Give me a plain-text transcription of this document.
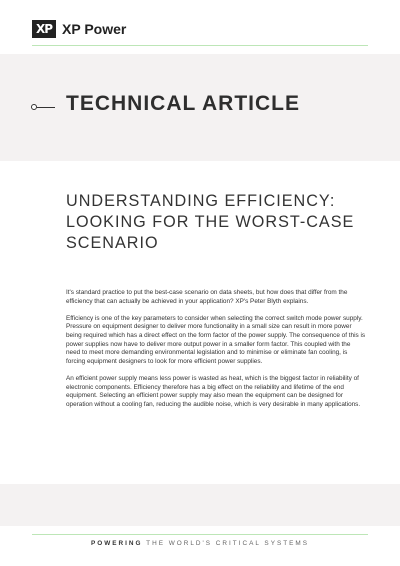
XP XP Power
TECHNICAL ARTICLE
UNDERSTANDING EFFICIENCY: LOOKING FOR THE WORST-CASE SCENARIO

It's standard practice to put the best-case scenario on data sheets, but how does that differ from the efficiency that can actually be achieved in your application? XP's Peter Blyth explains.

Efficiency is one of the key parameters to consider when selecting the correct switch mode power supply. Pressure on equipment designer to deliver more functionality in a small size can result in more power being required which has a direct effect on the form factor of the power supply. The consequence of this is power supplies now have to deliver more output power in a smaller form factor. This coupled with the need to meet more demanding environmental legislation and to minimise or eliminate fan cooling, is forcing equipment designers to look for more efficient power supplies.

An efficient power supply means less power is wasted as heat, which is the biggest factor in reliability of electronic components. Efficiency therefore has a big effect on the reliability and lifetime of the end equipment. Selecting an efficient power supply may also mean the equipment can be designed for operation without a cooling fan, reducing the audible noise, which is very desirable in many applications.

POWERING THE WORLD'S CRITICAL SYSTEMS
